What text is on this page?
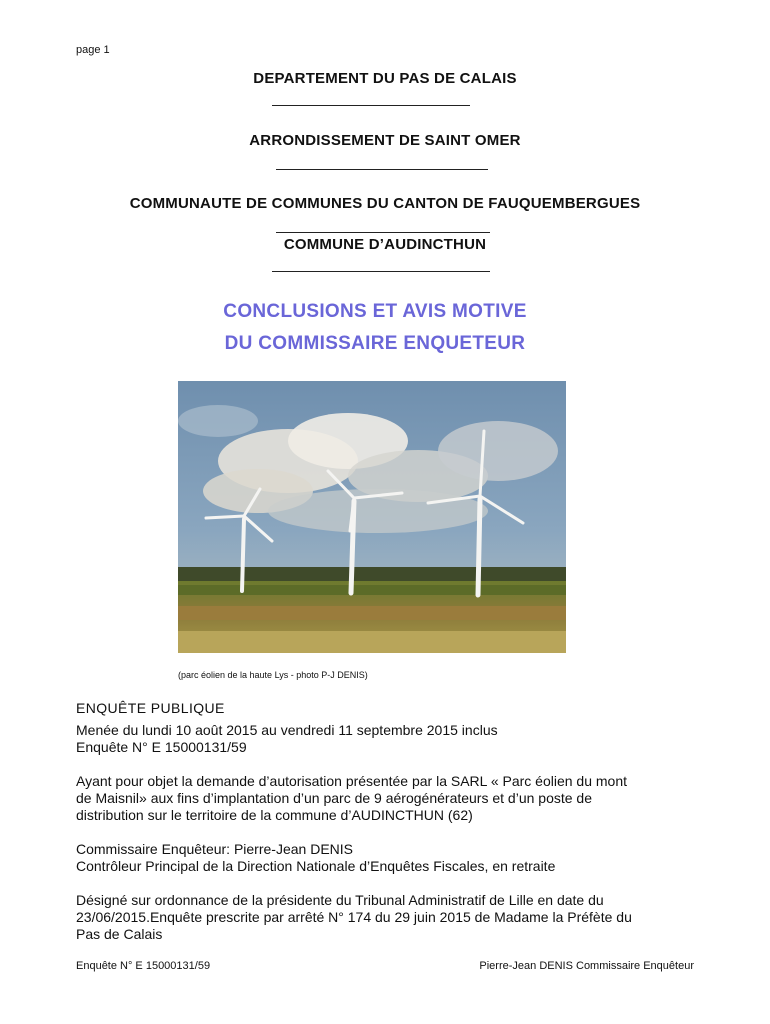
page 1
DEPARTEMENT DU PAS DE CALAIS
ARRONDISSEMENT DE SAINT OMER
COMMUNAUTE DE COMMUNES DU CANTON DE FAUQUEMBERGUES
COMMUNE D’AUDINCTHUN
CONCLUSIONS ET AVIS MOTIVE
DU COMMISSAIRE ENQUETEUR
(parc éolien de la haute Lys - photo P-J DENIS)
ENQUÊTE PUBLIQUE
Menée du lundi 10 août 2015 au vendredi 11 septembre 2015 inclus
Enquête N° E 15000131/59
Ayant pour objet la demande d’autorisation présentée par la SARL « Parc éolien du mont
de Maisnil» aux fins d’implantation d’un parc de 9 aérogénérateurs et d’un poste de
distribution sur le territoire de la commune d’AUDINCTHUN (62)
Commissaire Enquêteur: Pierre-Jean DENIS
Contrôleur Principal de la Direction Nationale d’Enquêtes Fiscales, en retraite
Désigné sur ordonnance de la présidente du Tribunal Administratif de Lille en date du
23/06/2015.Enquête prescrite par arrêté N° 174 du 29 juin 2015 de Madame la Préfète du
Pas de Calais
Enquête N° E 15000131/59	Pierre-Jean DENIS Commissaire Enquêteur
